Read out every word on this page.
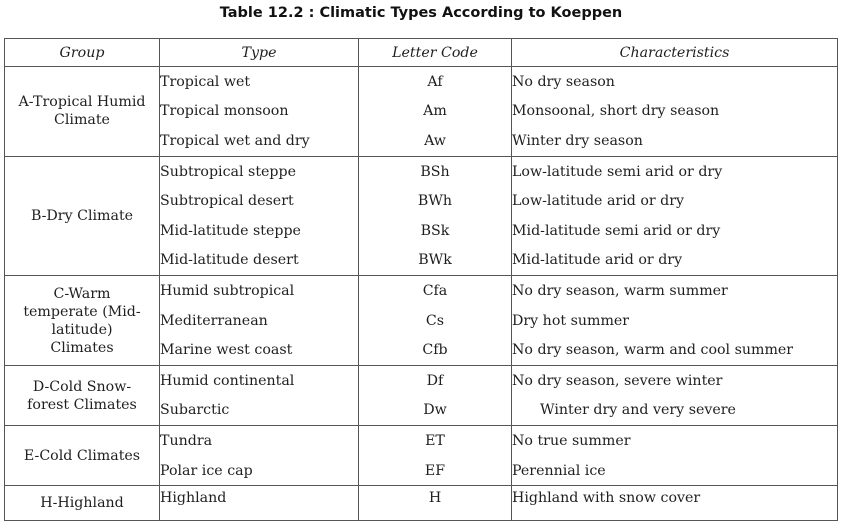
Table 12.2 : Climatic Types According to Koeppen
Group	Type	Letter Code	Characteristics
A-Tropical Humid Climate	Tropical wet	Af	No dry season
	Tropical monsoon	Am	Monsoonal, short dry season
	Tropical wet and dry	Aw	Winter dry season
B-Dry Climate	Subtropical steppe	BSh	Low-latitude semi arid or dry
	Subtropical desert	BWh	Low-latitude arid or dry
	Mid-latitude steppe	BSk	Mid-latitude semi arid or dry
	Mid-latitude desert	BWk	Mid-latitude arid or dry
C-Warm temperate (Mid-latitude) Climates	Humid subtropical	Cfa	No dry season, warm summer
	Mediterranean	Cs	Dry hot summer
	Marine west coast	Cfb	No dry season, warm and cool summer
D-Cold Snow-forest Climates	Humid continental	Df	No dry season, severe winter
	Subarctic	Dw	Winter dry and very severe
E-Cold Climates	Tundra	ET	No true summer
	Polar ice cap	EF	Perennial ice
H-Highland	Highland	H	Highland with snow cover
